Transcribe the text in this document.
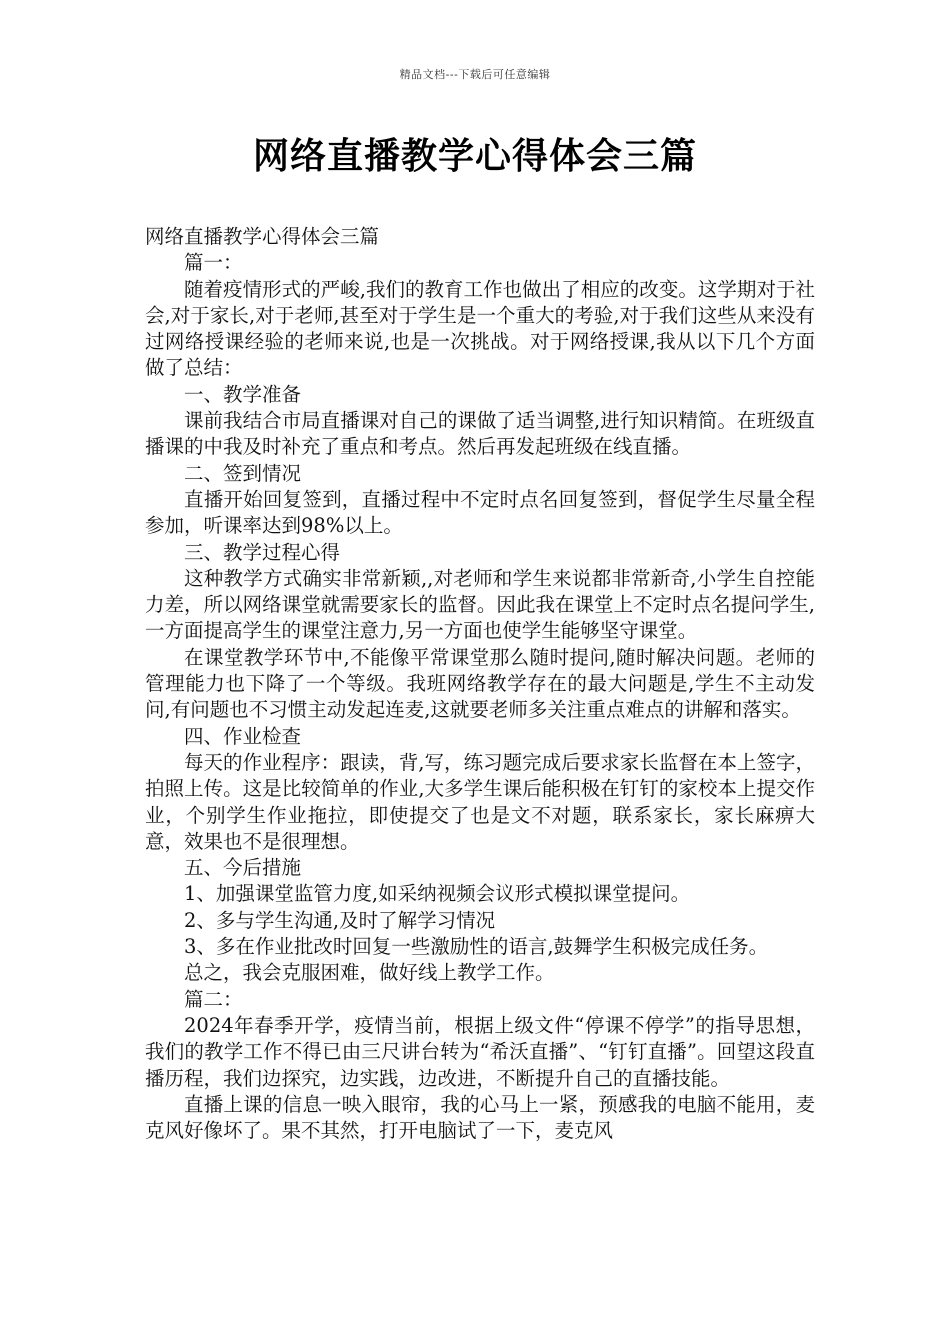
精品文档---下载后可任意编辑
网络直播教学心得体会三篇

网络直播教学心得体会三篇

篇一：

随着疫情形式的严峻,我们的教育工作也做出了相应的改变。这学期对于社会,对于家长,对于老师,甚至对于学生是一个重大的考验,对于我们这些从来没有过网络授课经验的老师来说,也是一次挑战。对于网络授课,我从以下几个方面做了总结：

一、教学准备

课前我结合市局直播课对自己的课做了适当调整,进行知识精简。在班级直播课的中我及时补充了重点和考点。然后再发起班级在线直播。

二、签到情况

直播开始回复签到，直播过程中不定时点名回复签到，督促学生尽量全程参加，听课率达到98%以上。

三、教学过程心得

这种教学方式确实非常新颖,,对老师和学生来说都非常新奇,小学生自控能力差，所以网络课堂就需要家长的监督。因此我在课堂上不定时点名提问学生,一方面提高学生的课堂注意力,另一方面也使学生能够坚守课堂。

在课堂教学环节中,不能像平常课堂那么随时提问,随时解决问题。老师的管理能力也下降了一个等级。我班网络教学存在的最大问题是,学生不主动发问,有问题也不习惯主动发起连麦,这就要老师多关注重点难点的讲解和落实。

四、作业检查

每天的作业程序：跟读，背,写，练习题完成后要求家长监督在本上签字，拍照上传。这是比较简单的作业,大多学生课后能积极在钉钉的家校本上提交作业，个别学生作业拖拉，即使提交了也是文不对题，联系家长，家长麻痹大意，效果也不是很理想。

五、今后措施

1、加强课堂监管力度,如采纳视频会议形式模拟课堂提问。

2、多与学生沟通,及时了解学习情况

3、多在作业批改时回复一些激励性的语言,鼓舞学生积极完成任务。

总之，我会克服困难，做好线上教学工作。

篇二：

2024年春季开学，疫情当前，根据上级文件“停课不停学”的指导思想，我们的教学工作不得已由三尺讲台转为“希沃直播”、“钉钉直播”。回望这段直播历程，我们边探究，边实践，边改进，不断提升自己的直播技能。

直播上课的信息一映入眼帘，我的心马上一紧，预感我的电脑不能用，麦克风好像坏了。果不其然，打开电脑试了一下，麦克风
